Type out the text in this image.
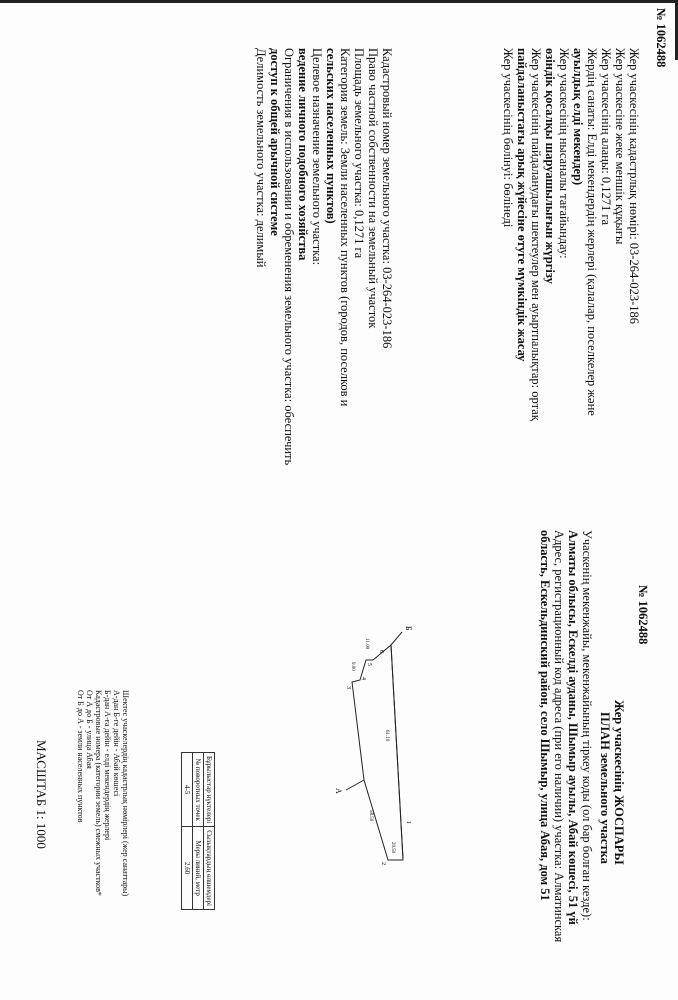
№ 1062488
Жер учаскесінің кадастрлық нөмірі: 03-264-023-186
Жер учаскесіне жеке меншік құқығы
Жер учаскесінің алаңы: 0,1271 га
Жердің санаты: Елді мекендердің жерлері (қалалар, поселкелер және
ауылдық елді мекендер)
Жер учаскесінің нысаналы тағайындау:
өзіндік қосалқы шаруашылығын жүргізу
Жер учаскесінің пайдаланудағы шектеулер мен ауыртпалықтар: ортақ
пайдаланыстағы арық жүйесіне өтуге мүмкіндік жасау
Жер учаскесінің бөлінуі: бөлінеді
Кадастровый номер земельного участка: 03-264-023-186
Право частной собственности на земельный участок
Площадь земельного участка: 0,1271 га
Категория земель: Земли населенных пунктов (городов, поселков и
сельских населенных пунктов)
Целевое назначение земельного участка:
ведение личного подобного хозяйства
Ограничения в использовании и обременения земельного участка: обеспечить
доступ к общей арычной системе
Делимость земельного участка: делимый
№ 1062488
Жер учаскесінің ЖОСПАРЫ
ПЛАН земельного участка
Учаскенің мекенжайы, мекенжайының тіркеу коды (ол бар болған кезде):
Алматы облысы, Ескелді ауданы, Шымыр ауылы, Абай көшесі, 51 үй
Адрес, регистрационный код адреса (при его наличии) участка: Алматинская
область, Ескельдинский район, село Шымыр, улица Абая, дом 51
Б
А
1
2
3
4
5
6
20.50
58.50
61.10
9.00
11.00
Бұрылыстар нүктелері	Сызықтардың өлшемдері
№ поворотных точек	Меры линий, метр
4-5	2.60
Шектес учаскелердің кадастрлық нөмірлері (жер санаттары)
А-дан Б-ге дейін - Абай көшесі
Б-дан А-ға дейін - елді мекендердің жерлері
Кадастровые номера (категории земель) смежных участков*
От А до Б - улица Абая
От Б до А - земли населенных пунктов
МАСШТАБ 1: 1000
